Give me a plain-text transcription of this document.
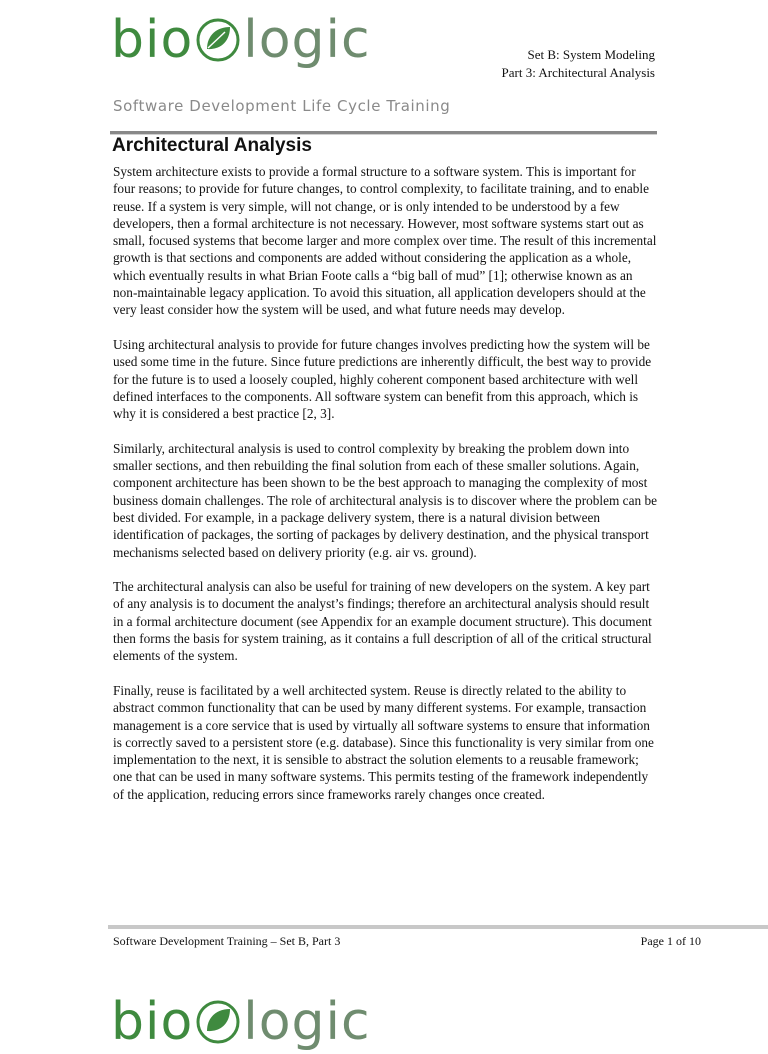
bio logic	Set B: System Modeling
Part 3: Architectural Analysis
Software Development Life Cycle Training
Architectural Analysis

System architecture exists to provide a formal structure to a software system. This is important for four reasons; to provide for future changes, to control complexity, to facilitate training, and to enable reuse. If a system is very simple, will not change, or is only intended to be understood by a few developers, then a formal architecture is not necessary. However, most software systems start out as small, focused systems that become larger and more complex over time. The result of this incremental growth is that sections and components are added without considering the application as a whole, which eventually results in what Brian Foote calls a “big ball of mud” [1]; otherwise known as an non-maintainable legacy application. To avoid this situation, all application developers should at the very least consider how the system will be used, and what future needs may develop.

Using architectural analysis to provide for future changes involves predicting how the system will be used some time in the future. Since future predictions are inherently difficult, the best way to provide for the future is to used a loosely coupled, highly coherent component based architecture with well defined interfaces to the components. All software system can benefit from this approach, which is why it is considered a best practice [2, 3].

Similarly, architectural analysis is used to control complexity by breaking the problem down into smaller sections, and then rebuilding the final solution from each of these smaller solutions. Again, component architecture has been shown to be the best approach to managing the complexity of most business domain challenges. The role of architectural analysis is to discover where the problem can be best divided. For example, in a package delivery system, there is a natural division between identification of packages, the sorting of packages by delivery destination, and the physical transport mechanisms selected based on delivery priority (e.g. air vs. ground).

The architectural analysis can also be useful for training of new developers on the system. A key part of any analysis is to document the analyst’s findings; therefore an architectural analysis should result in a formal architecture document (see Appendix for an example document structure). This document then forms the basis for system training, as it contains a full description of all of the critical structural elements of the system.

Finally, reuse is facilitated by a well architected system. Reuse is directly related to the ability to abstract common functionality that can be used by many different systems. For example, transaction management is a core service that is used by virtually all software systems to ensure that information is correctly saved to a persistent store (e.g. database). Since this functionality is very similar from one implementation to the next, it is sensible to abstract the solution elements to a reusable framework; one that can be used in many software systems. This permits testing of the framework independently of the application, reducing errors since frameworks rarely changes once created.

Software Development Training – Set B, Part 3	Page 1 of 10
bio logic
